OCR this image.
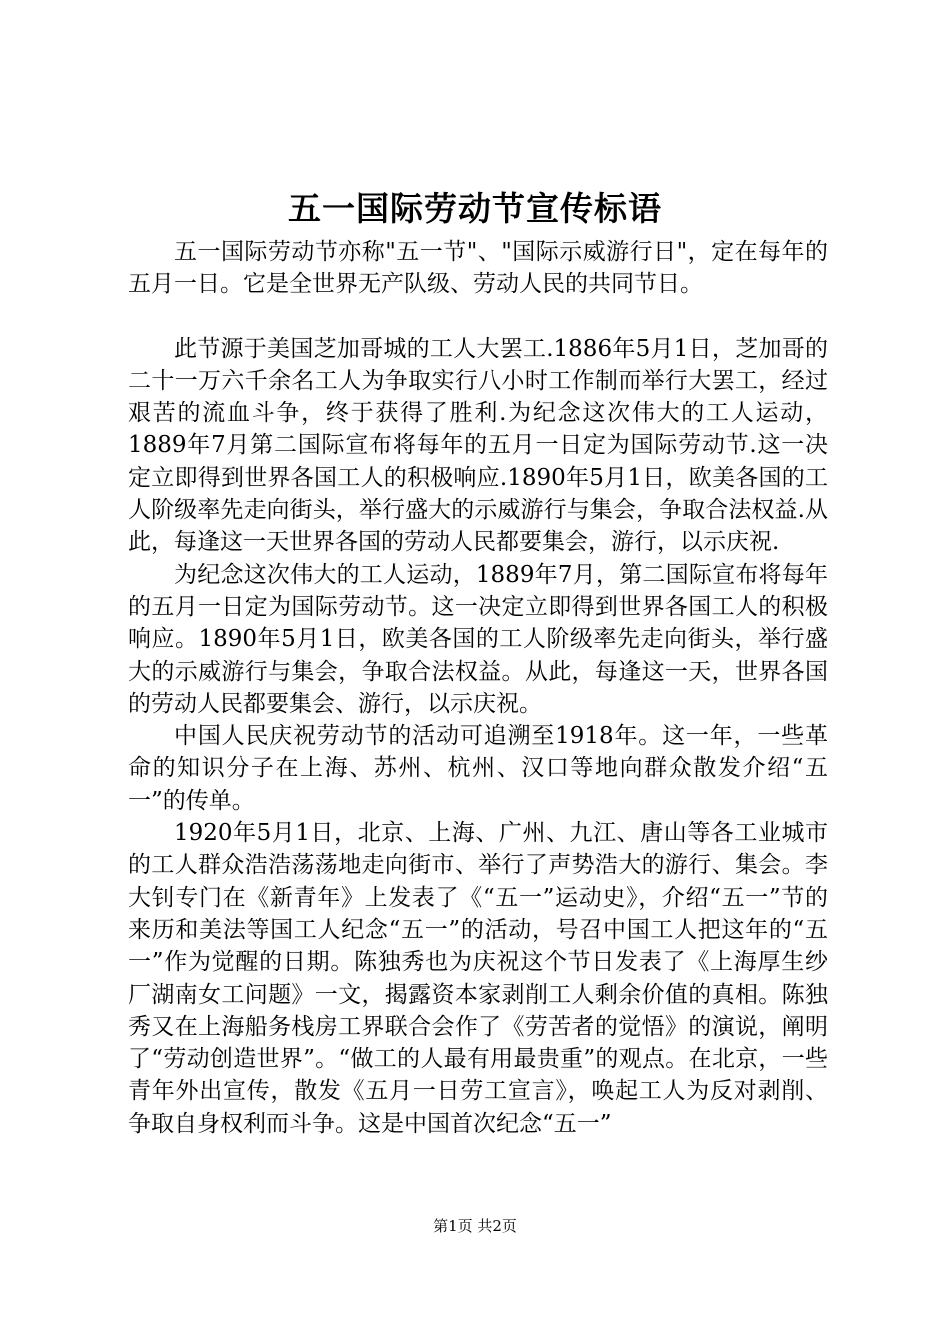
五一国际劳动节宣传标语

五一国际劳动节亦称"五一节"、"国际示威游行日"，定在每年的五月一日。它是全世界无产队级、劳动人民的共同节日。

此节源于美国芝加哥城的工人大罢工.1886年5月1日，芝加哥的二十一万六千余名工人为争取实行八小时工作制而举行大罢工，经过艰苦的流血斗争，终于获得了胜利.为纪念这次伟大的工人运动，1889年7月第二国际宣布将每年的五月一日定为国际劳动节.这一决定立即得到世界各国工人的积极响应.1890年5月1日，欧美各国的工人阶级率先走向街头，举行盛大的示威游行与集会，争取合法权益.从此，每逢这一天世界各国的劳动人民都要集会，游行，以示庆祝.

为纪念这次伟大的工人运动，1889年7月，第二国际宣布将每年的五月一日定为国际劳动节。这一决定立即得到世界各国工人的积极响应。1890年5月1日，欧美各国的工人阶级率先走向街头，举行盛大的示威游行与集会，争取合法权益。从此，每逢这一天，世界各国的劳动人民都要集会、游行，以示庆祝。

中国人民庆祝劳动节的活动可追溯至1918年。这一年，一些革命的知识分子在上海、苏州、杭州、汉口等地向群众散发介绍“五一”的传单。

1920年5月1日，北京、上海、广州、九江、唐山等各工业城市的工人群众浩浩荡荡地走向街市、举行了声势浩大的游行、集会。李大钊专门在《新青年》上发表了《“五一”运动史》，介绍“五一”节的来历和美法等国工人纪念“五一”的活动，号召中国工人把这年的“五一”作为觉醒的日期。陈独秀也为庆祝这个节日发表了《上海厚生纱厂湖南女工问题》一文，揭露资本家剥削工人剩余价值的真相。陈独秀又在上海船务栈房工界联合会作了《劳苦者的觉悟》的演说，阐明了“劳动创造世界”。“做工的人最有用最贵重”的观点。在北京，一些青年外出宣传，散发《五月一日劳工宣言》，唤起工人为反对剥削、争取自身权利而斗争。这是中国首次纪念“五一”

第1页 共2页
